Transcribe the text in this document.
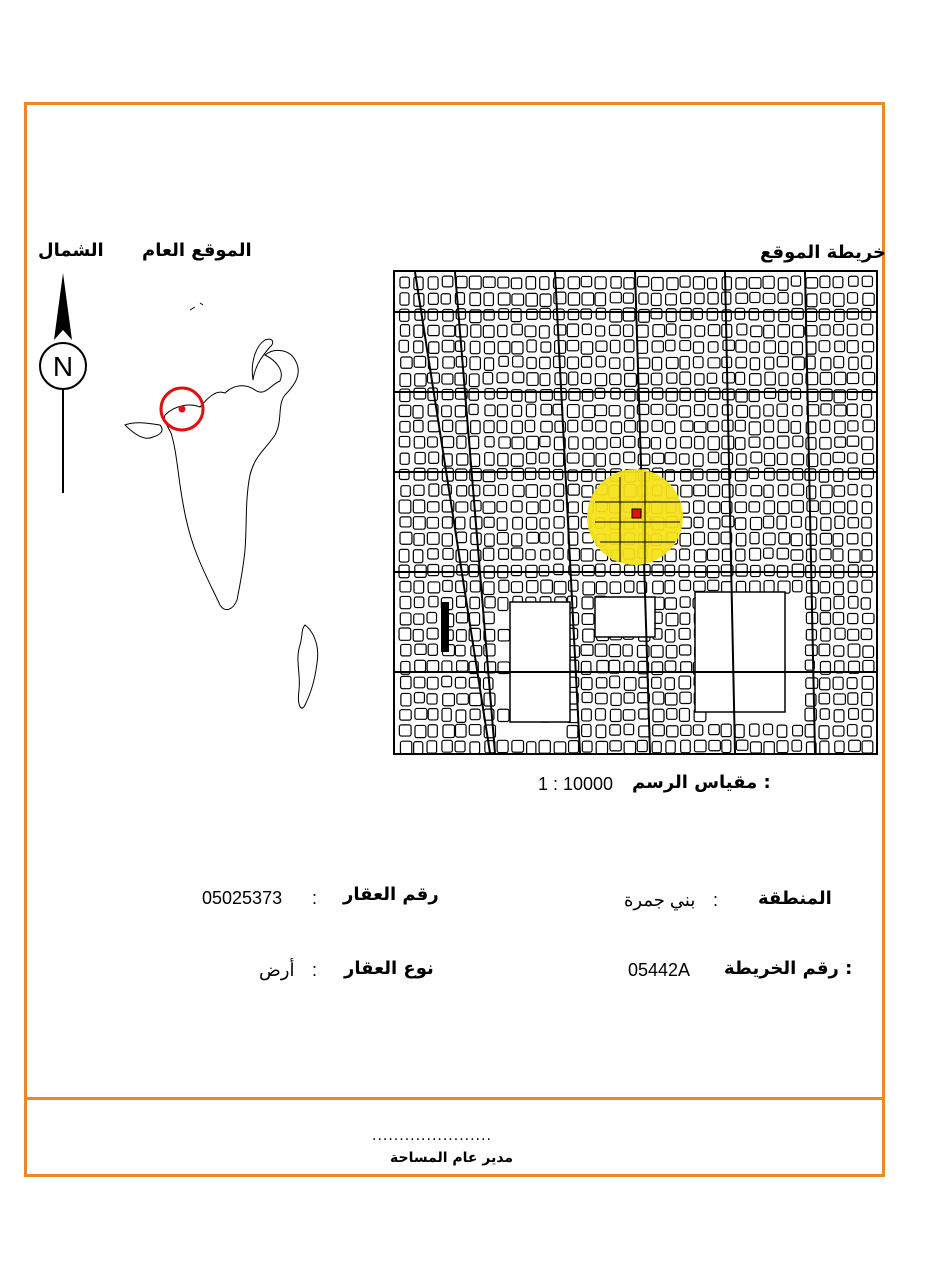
الشمال الموقع العام	خريطة الموقع
N
مقياس الرسم :
1 : 10000
المنطقة
:
بني جمرة
رقم العقار
:
05025373
رقم الخريطة :
05442A
نوع العقار
:
أرض
......................
مدير عام المساحة
